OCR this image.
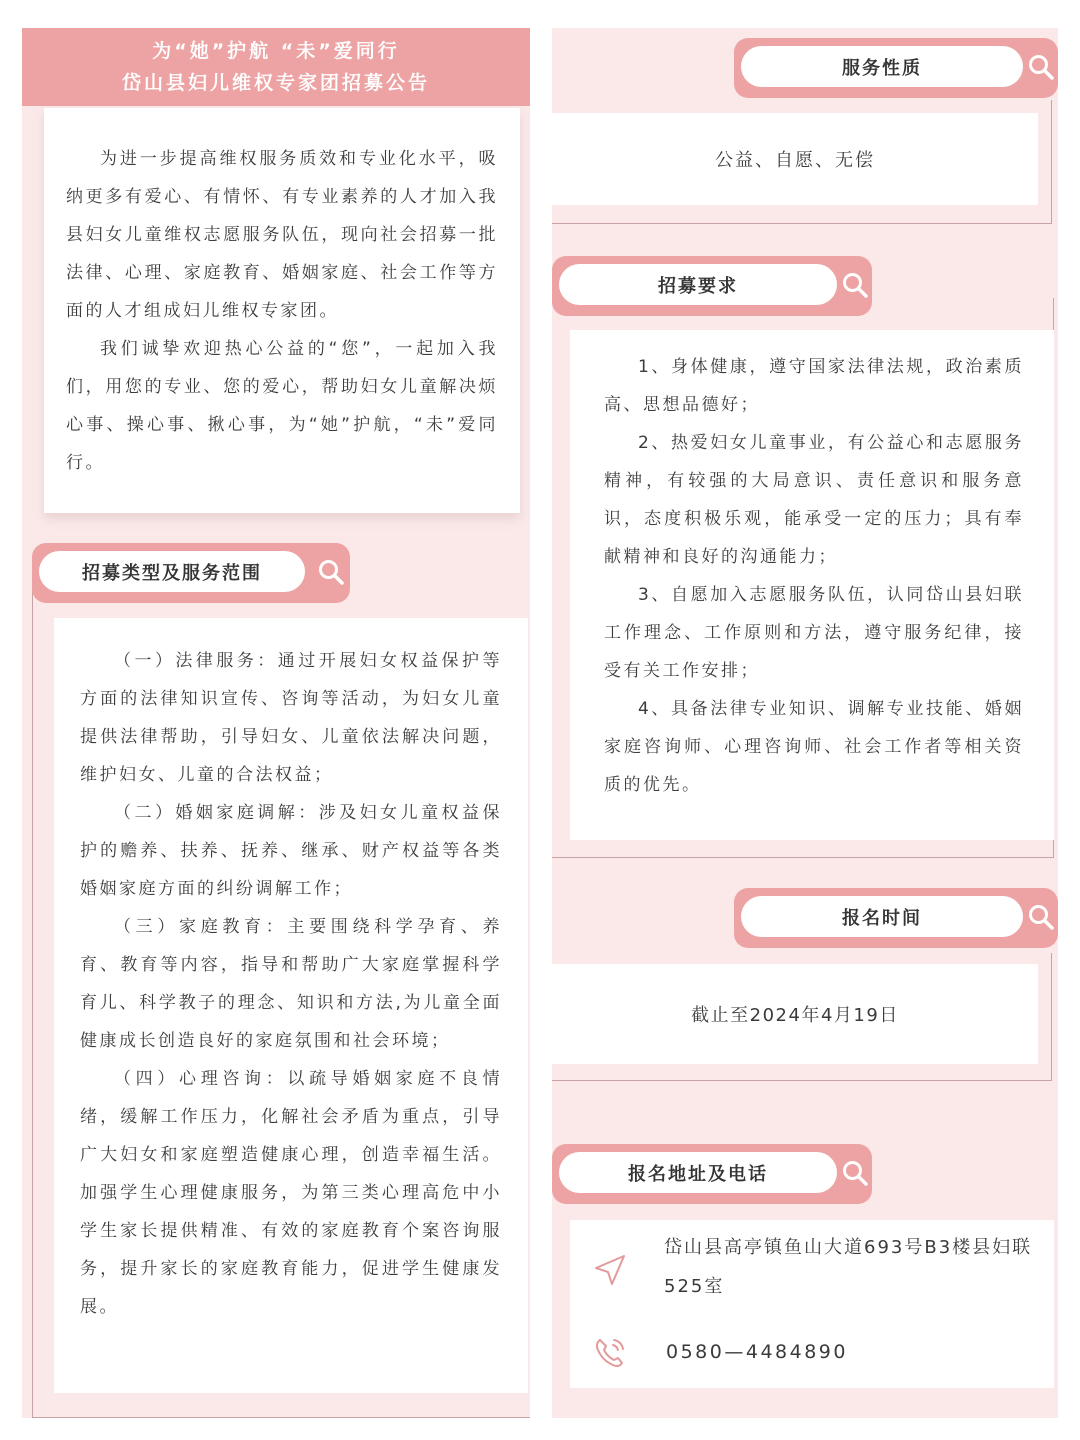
为“她”护航 “未”爱同行
岱山县妇儿维权专家团招募公告

为进一步提高维权服务质效和专业化水平，吸纳更多有爱心、有情怀、有专业素养的人才加入我县妇女儿童维权志愿服务队伍，现向社会招募一批法律、心理、家庭教育、婚姻家庭、社会工作等方面的人才组成妇儿维权专家团。

我们诚挚欢迎热心公益的“您”，一起加入我们，用您的专业、您的爱心，帮助妇女儿童解决烦心事、操心事、揪心事，为“她”护航，“未”爱同行。

招募类型及服务范围

（一）法律服务：通过开展妇女权益保护等方面的法律知识宣传、咨询等活动，为妇女儿童提供法律帮助，引导妇女、儿童依法解决问题，维护妇女、儿童的合法权益；

（二）婚姻家庭调解：涉及妇女儿童权益保护的赡养、扶养、抚养、继承、财产权益等各类婚姻家庭方面的纠纷调解工作；

（三）家庭教育：主要围绕科学孕育、养育、教育等内容，指导和帮助广大家庭掌握科学育儿、科学教子的理念、知识和方法,为儿童全面健康成长创造良好的家庭氛围和社会环境；

（四）心理咨询：以疏导婚姻家庭不良情绪，缓解工作压力，化解社会矛盾为重点，引导广大妇女和家庭塑造健康心理，创造幸福生活。加强学生心理健康服务，为第三类心理高危中小学生家长提供精准、有效的家庭教育个案咨询服务，提升家长的家庭教育能力，促进学生健康发展。

服务性质
公益、自愿、无偿
招募要求

1、身体健康，遵守国家法律法规，政治素质高、思想品德好；

2、热爱妇女儿童事业，有公益心和志愿服务精神，有较强的大局意识、责任意识和服务意识，态度积极乐观，能承受一定的压力；具有奉献精神和良好的沟通能力；

3、自愿加入志愿服务队伍，认同岱山县妇联工作理念、工作原则和方法，遵守服务纪律，接受有关工作安排；

4、具备法律专业知识、调解专业技能、婚姻家庭咨询师、心理咨询师、社会工作者等相关资质的优先。

报名时间
截止至2024年4月19日
报名地址及电话
岱山县高亭镇鱼山大道693号B3楼县妇联525室
0580—4484890
